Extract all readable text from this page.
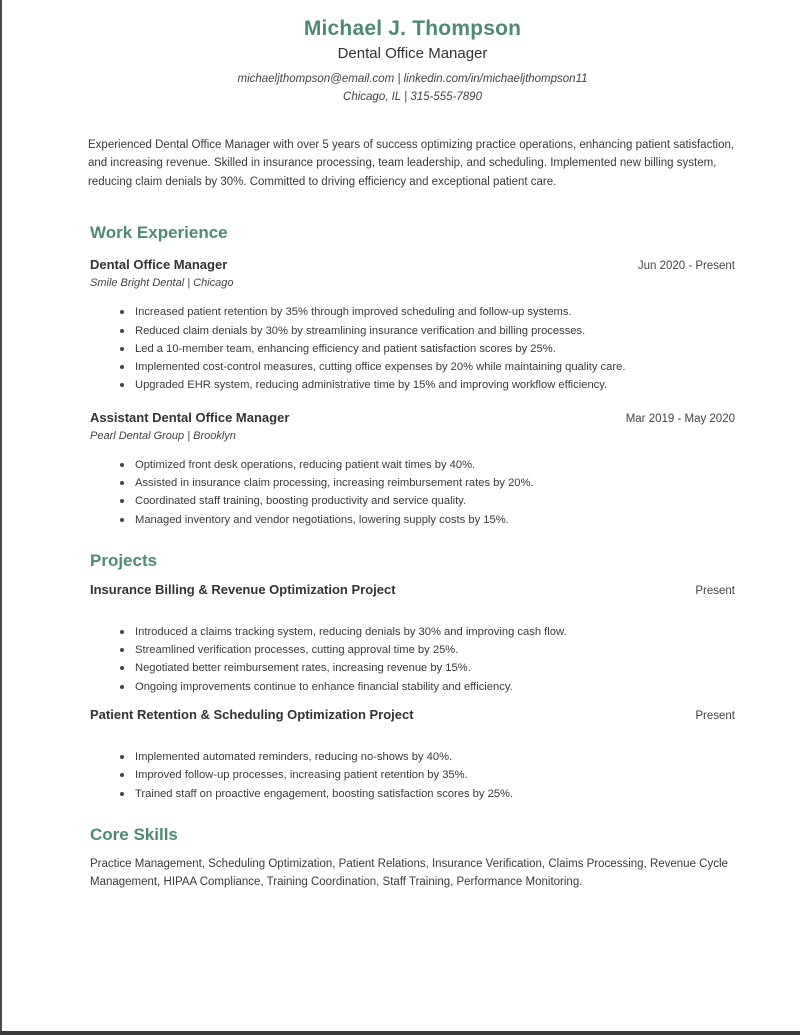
Michael J. Thompson
Dental Office Manager
michaeljthompson@email.com | linkedin.com/in/michaeljthompson11
Chicago, IL | 315-555-7890
Experienced Dental Office Manager with over 5 years of success optimizing practice operations, enhancing patient satisfaction, and increasing revenue. Skilled in insurance processing, team leadership, and scheduling. Implemented new billing system, reducing claim denials by 30%. Committed to driving efficiency and exceptional patient care.
Work Experience
Dental Office Manager	Jun 2020 - Present
Smile Bright Dental | Chicago
Increased patient retention by 35% through improved scheduling and follow-up systems.
Reduced claim denials by 30% by streamlining insurance verification and billing processes.
Led a 10-member team, enhancing efficiency and patient satisfaction scores by 25%.
Implemented cost-control measures, cutting office expenses by 20% while maintaining quality care.
Upgraded EHR system, reducing administrative time by 15% and improving workflow efficiency.
Assistant Dental Office Manager	Mar 2019 - May 2020
Pearl Dental Group | Brooklyn
Optimized front desk operations, reducing patient wait times by 40%.
Assisted in insurance claim processing, increasing reimbursement rates by 20%.
Coordinated staff training, boosting productivity and service quality.
Managed inventory and vendor negotiations, lowering supply costs by 15%.
Projects
Insurance Billing & Revenue Optimization Project	Present
Introduced a claims tracking system, reducing denials by 30% and improving cash flow.
Streamlined verification processes, cutting approval time by 25%.
Negotiated better reimbursement rates, increasing revenue by 15%.
Ongoing improvements continue to enhance financial stability and efficiency.
Patient Retention & Scheduling Optimization Project	Present
Implemented automated reminders, reducing no-shows by 40%.
Improved follow-up processes, increasing patient retention by 35%.
Trained staff on proactive engagement, boosting satisfaction scores by 25%.
Core Skills
Practice Management, Scheduling Optimization, Patient Relations, Insurance Verification, Claims Processing, Revenue Cycle Management, HIPAA Compliance, Training Coordination, Staff Training, Performance Monitoring.
